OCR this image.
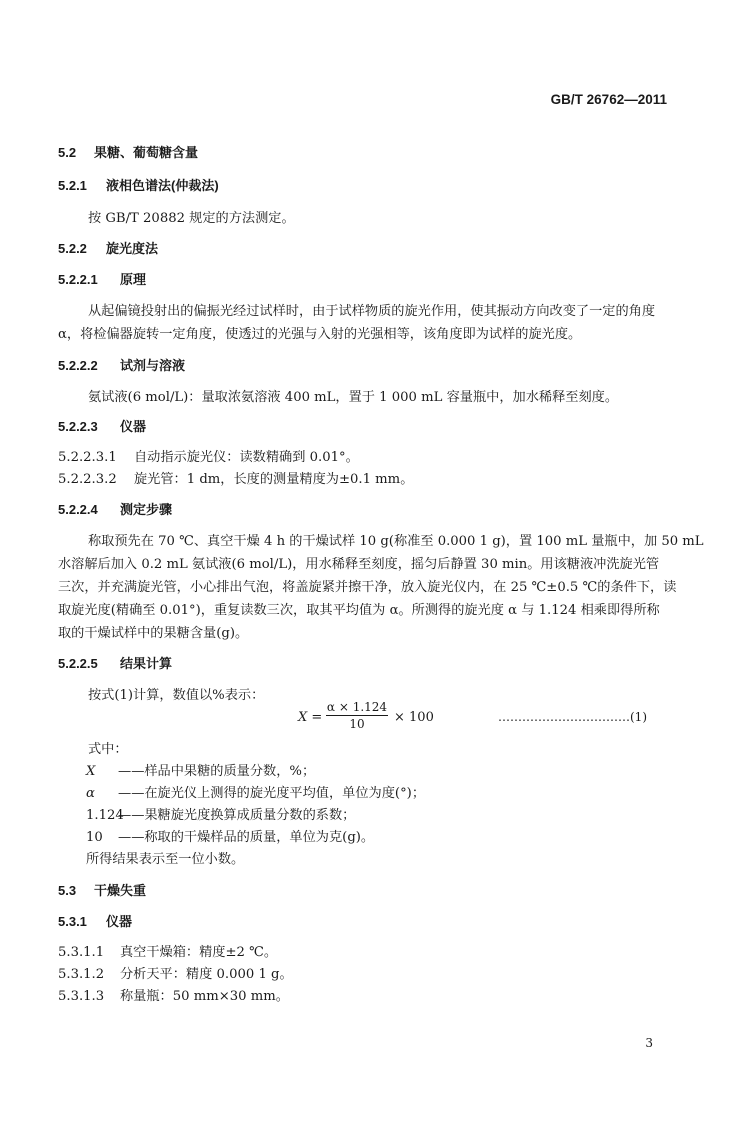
GB/T 26762—2011
5.2 果糖、葡萄糖含量
5.2.1 液相色谱法(仲裁法)
按 GB/T 20882 规定的方法测定。
5.2.2 旋光度法
5.2.2.1 原理
从起偏镜投射出的偏振光经过试样时，由于试样物质的旋光作用，使其振动方向改变了一定的角度
α，将检偏器旋转一定角度，使透过的光强与入射的光强相等，该角度即为试样的旋光度。
5.2.2.2 试剂与溶液
氨试液(6 mol/L)：量取浓氨溶液 400 mL，置于 1 000 mL 容量瓶中，加水稀释至刻度。
5.2.2.3 仪器
5.2.2.3.1 自动指示旋光仪：读数精确到 0.01°。
5.2.2.3.2 旋光管：1 dm，长度的测量精度为±0.1 mm。
5.2.2.4 测定步骤
称取预先在 70 ℃、真空干燥 4 h 的干燥试样 10 g(称准至 0.000 1 g)，置 100 mL 量瓶中，加 50 mL
水溶解后加入 0.2 mL 氨试液(6 mol/L)，用水稀释至刻度，摇匀后静置 30 min。用该糖液冲洗旋光管
三次，并充满旋光管，小心排出气泡，将盖旋紧并擦干净，放入旋光仪内，在 25 ℃±0.5 ℃的条件下，读
取旋光度(精确至 0.01°)，重复读数三次，取其平均值为 α。所测得的旋光度 α 与 1.124 相乘即得所称
取的干燥试样中的果糖含量(g)。
5.2.2.5 结果计算
按式(1)计算，数值以%表示：
$X = \frac{\alpha \times 1.124}{10} \times 100$	……………………………(1)
式中：
X ——样品中果糖的质量分数，%；
α ——在旋光仪上测得的旋光度平均值，单位为度(°)；
1.124——果糖旋光度换算成质量分数的系数；
10 ——称取的干燥样品的质量，单位为克(g)。
所得结果表示至一位小数。
5.3 干燥失重
5.3.1 仪器
5.3.1.1 真空干燥箱：精度±2 ℃。
5.3.1.2 分析天平：精度 0.000 1 g。
5.3.1.3 称量瓶：50 mm×30 mm。
3
